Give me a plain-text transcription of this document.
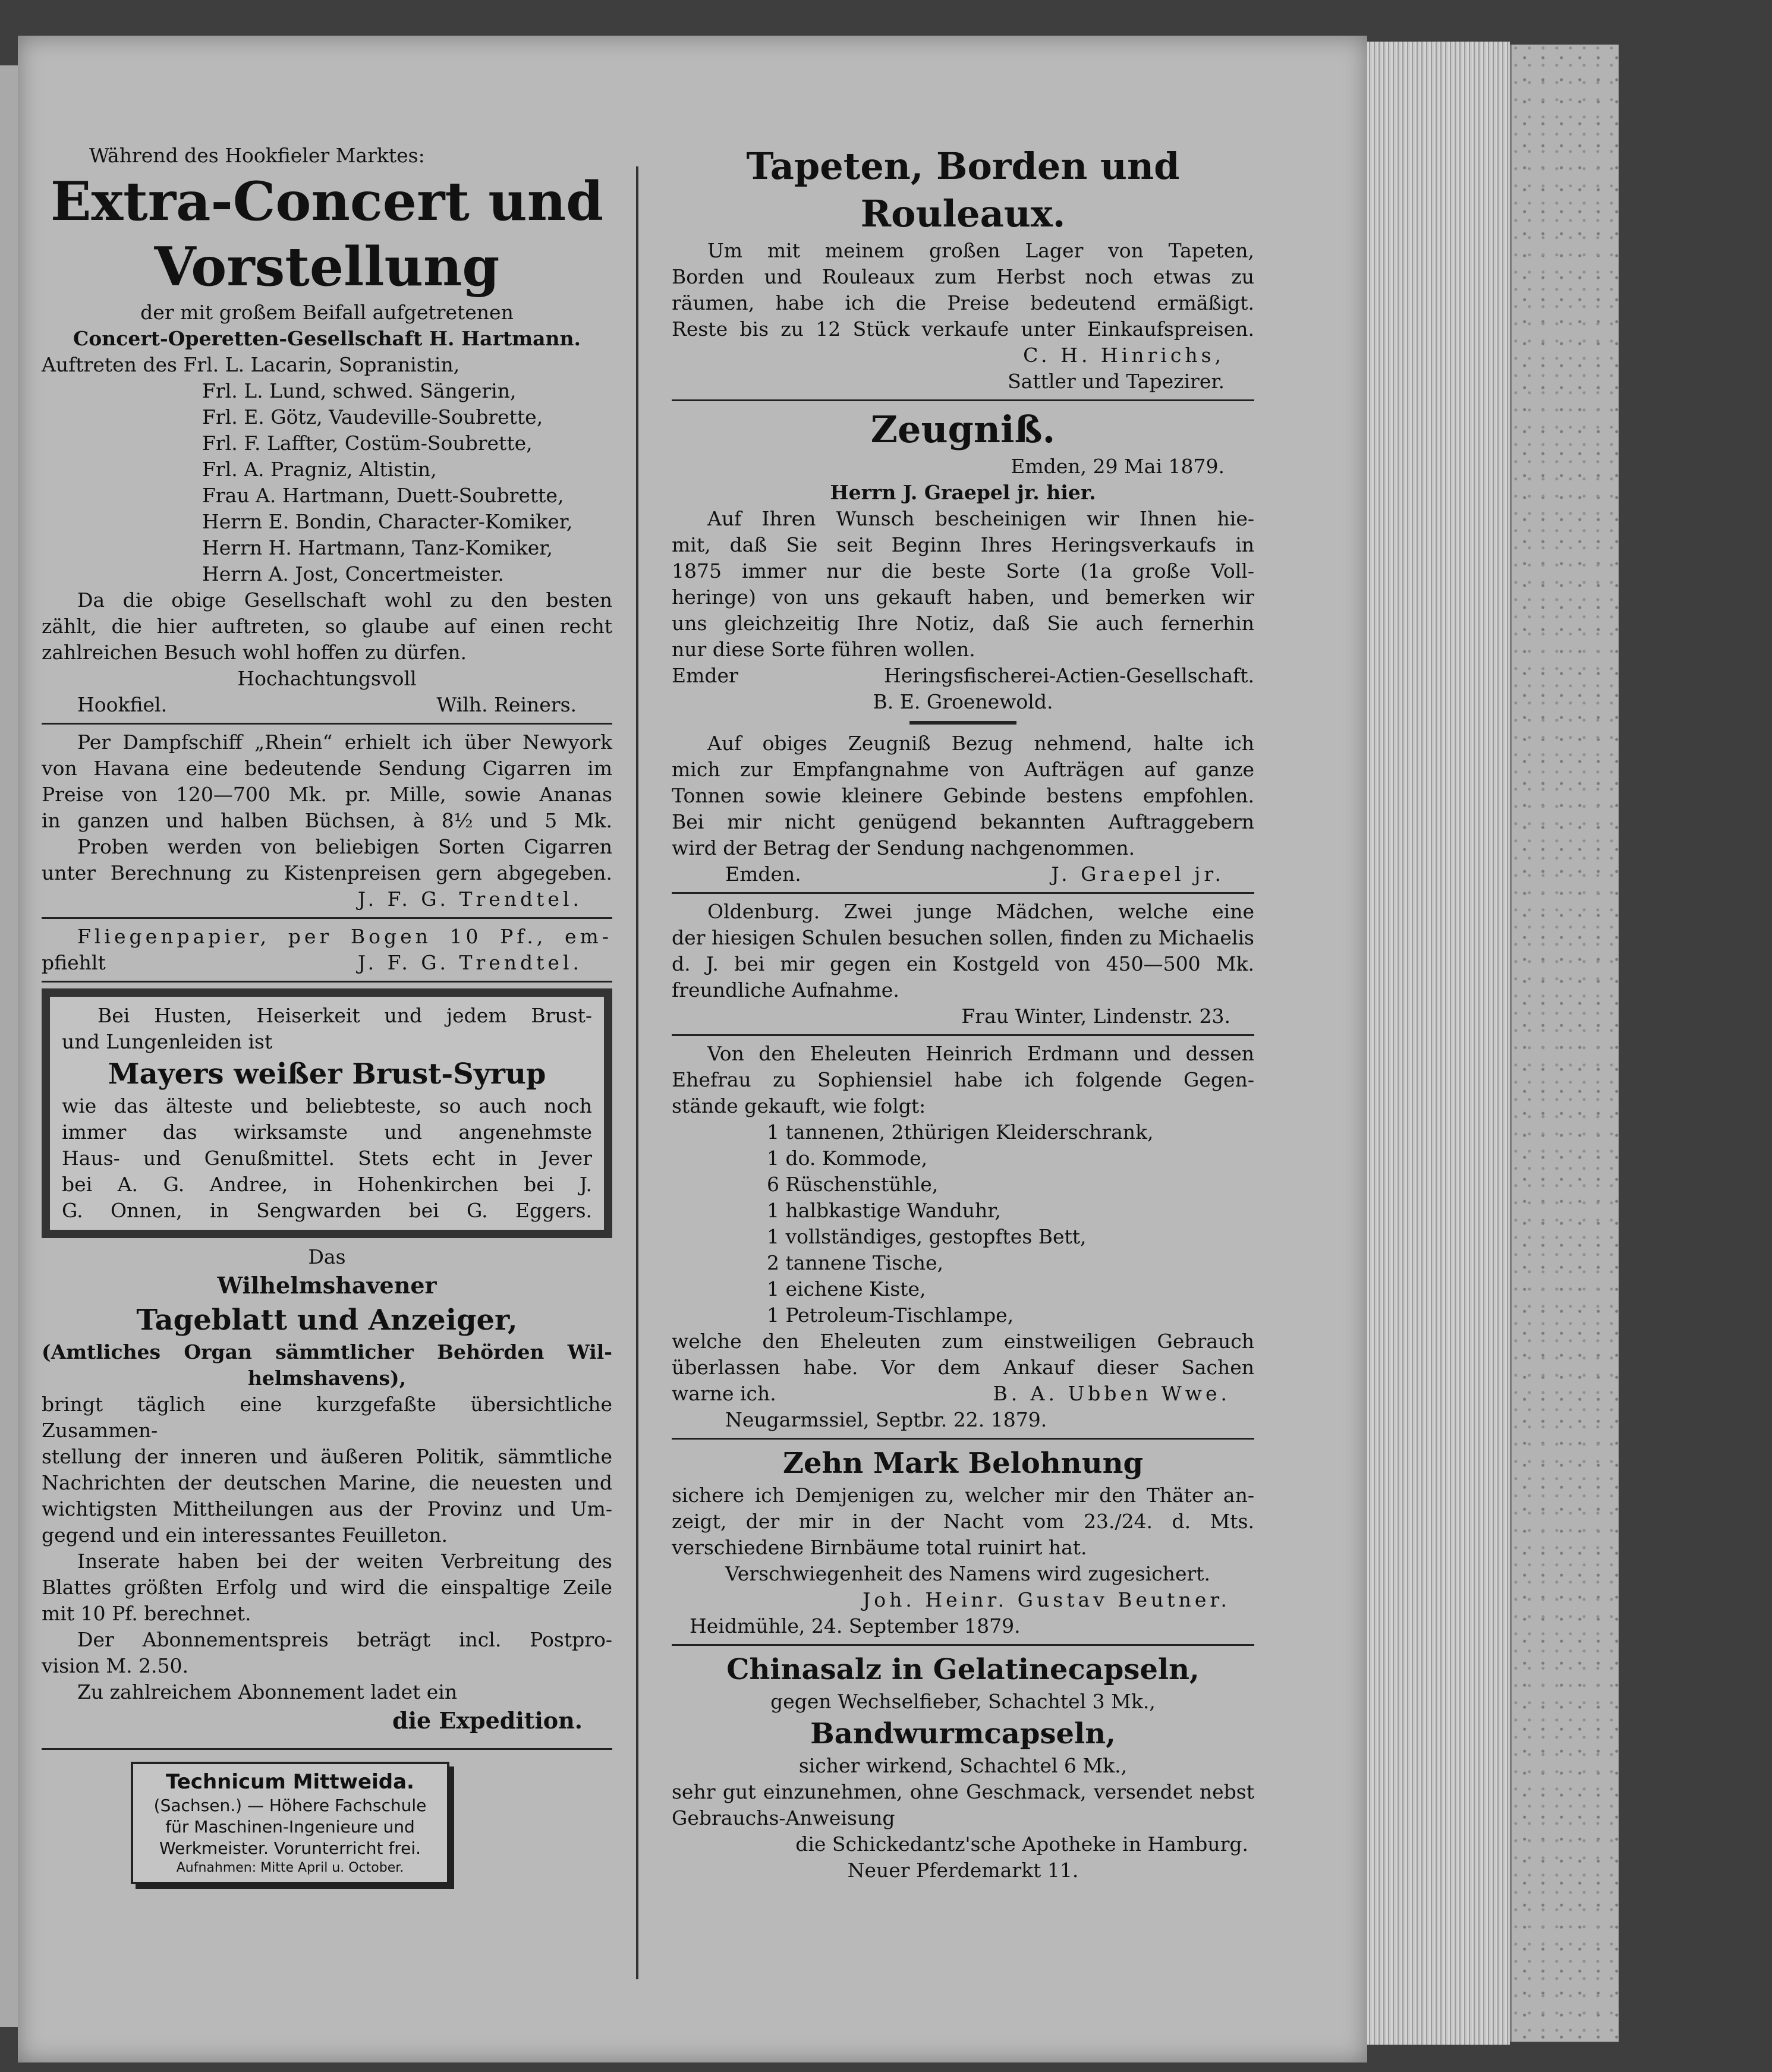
Während des Hookfieler Marktes:

Extra-Concert und

Vorstellung

der mit großem Beifall aufgetretenen

Concert-Operetten-Gesellschaft H. Hartmann.

Auftreten des Frl. L. Lacarin, Sopranistin,

Frl. L. Lund, schwed. Sängerin,

Frl. E. Götz, Vaudeville-Soubrette,

Frl. F. Laffter, Costüm-Soubrette,

Frl. A. Pragniz, Altistin,

Frau A. Hartmann, Duett-Soubrette,

Herrn E. Bondin, Character-Komiker,

Herrn H. Hartmann, Tanz-Komiker,

Herrn A. Jost, Concertmeister.

Da die obige Gesellschaft wohl zu den besten

zählt, die hier auftreten, so glaube auf einen recht

zahlreichen Besuch wohl hoffen zu dürfen.

Hochachtungsvoll

Hookfiel.	Wilh. Reiners.

Per Dampfschiff „Rhein“ erhielt ich über Newyork

von Havana eine bedeutende Sendung Cigarren im

Preise von 120—700 Mk. pr. Mille, sowie Ananas

in ganzen und halben Büchsen, à 8½ und 5 Mk.

Proben werden von beliebigen Sorten Cigarren

unter Berechnung zu Kistenpreisen gern abgegeben.

J. F. G. Trendtel.

Fliegenpapier, per Bogen 10 Pf., em-

pfiehlt	J. F. G. Trendtel.

Bei Husten, Heiserkeit und jedem Brust-

und Lungenleiden ist

Mayers weißer Brust-Syrup

wie das älteste und beliebteste, so auch noch

immer das wirksamste und angenehmste

Haus- und Genußmittel. Stets echt in Jever

bei A. G. Andree, in Hohenkirchen bei J.

G. Onnen, in Sengwarden bei G. Eggers.

Das

Wilhelmshavener

Tageblatt und Anzeiger,

(Amtliches Organ sämmtlicher Behörden Wil-

helmshavens),

bringt täglich eine kurzgefaßte übersichtliche Zusammen-

stellung der inneren und äußeren Politik, sämmtliche

Nachrichten der deutschen Marine, die neuesten und

wichtigsten Mittheilungen aus der Provinz und Um-

gegend und ein interessantes Feuilleton.

Inserate haben bei der weiten Verbreitung des

Blattes größten Erfolg und wird die einspaltige Zeile

mit 10 Pf. berechnet.

Der Abonnementspreis beträgt incl. Postpro-

vision M. 2.50.

Zu zahlreichem Abonnement ladet ein

die Expedition.

Technicum Mittweida.

(Sachsen.) — Höhere Fachschule

für Maschinen-Ingenieure und

Werkmeister. Vorunterricht frei.

Aufnahmen: Mitte April u. October.

Tapeten, Borden und

Rouleaux.

Um mit meinem großen Lager von Tapeten,

Borden und Rouleaux zum Herbst noch etwas zu

räumen, habe ich die Preise bedeutend ermäßigt.

Reste bis zu 12 Stück verkaufe unter Einkaufspreisen.

C. H. Hinrichs,

Sattler und Tapezirer.

Zeugniß.

Emden, 29 Mai 1879.

Herrn J. Graepel jr. hier.

Auf Ihren Wunsch bescheinigen wir Ihnen hie-

mit, daß Sie seit Beginn Ihres Heringsverkaufs in

1875 immer nur die beste Sorte (1a große Voll-

heringe) von uns gekauft haben, und bemerken wir

uns gleichzeitig Ihre Notiz, daß Sie auch fernerhin

nur diese Sorte führen wollen.

Emder Heringsfischerei-Actien-Gesellschaft.

B. E. Groenewold.

Auf obiges Zeugniß Bezug nehmend, halte ich

mich zur Empfangnahme von Aufträgen auf ganze

Tonnen sowie kleinere Gebinde bestens empfohlen.

Bei mir nicht genügend bekannten Auftraggebern

wird der Betrag der Sendung nachgenommen.

Emden.	J. Graepel jr.

Oldenburg. Zwei junge Mädchen, welche eine

der hiesigen Schulen besuchen sollen, finden zu Michaelis

d. J. bei mir gegen ein Kostgeld von 450—500 Mk.

freundliche Aufnahme.

Frau Winter, Lindenstr. 23.

Von den Eheleuten Heinrich Erdmann und dessen

Ehefrau zu Sophiensiel habe ich folgende Gegen-

stände gekauft, wie folgt:

1 tannenen, 2thürigen Kleiderschrank,

1 do. Kommode,

6 Rüschenstühle,

1 halbkastige Wanduhr,

1 vollständiges, gestopftes Bett,

2 tannene Tische,

1 eichene Kiste,

1 Petroleum-Tischlampe,

welche den Eheleuten zum einstweiligen Gebrauch

überlassen habe. Vor dem Ankauf dieser Sachen

warne ich.	B. A. Ubben Wwe.

Neugarmssiel, Septbr. 22. 1879.

Zehn Mark Belohnung

sichere ich Demjenigen zu, welcher mir den Thäter an-

zeigt, der mir in der Nacht vom 23./24. d. Mts.

verschiedene Birnbäume total ruinirt hat.

Verschwiegenheit des Namens wird zugesichert.

Joh. Heinr. Gustav Beutner.

Heidmühle, 24. September 1879.

Chinasalz in Gelatinecapseln,

gegen Wechselfieber, Schachtel 3 Mk.,

Bandwurmcapseln,

sicher wirkend, Schachtel 6 Mk.,

sehr gut einzunehmen, ohne Geschmack, versendet nebst

Gebrauchs-Anweisung

die Schickedantz'sche Apotheke in Hamburg.

Neuer Pferdemarkt 11.
